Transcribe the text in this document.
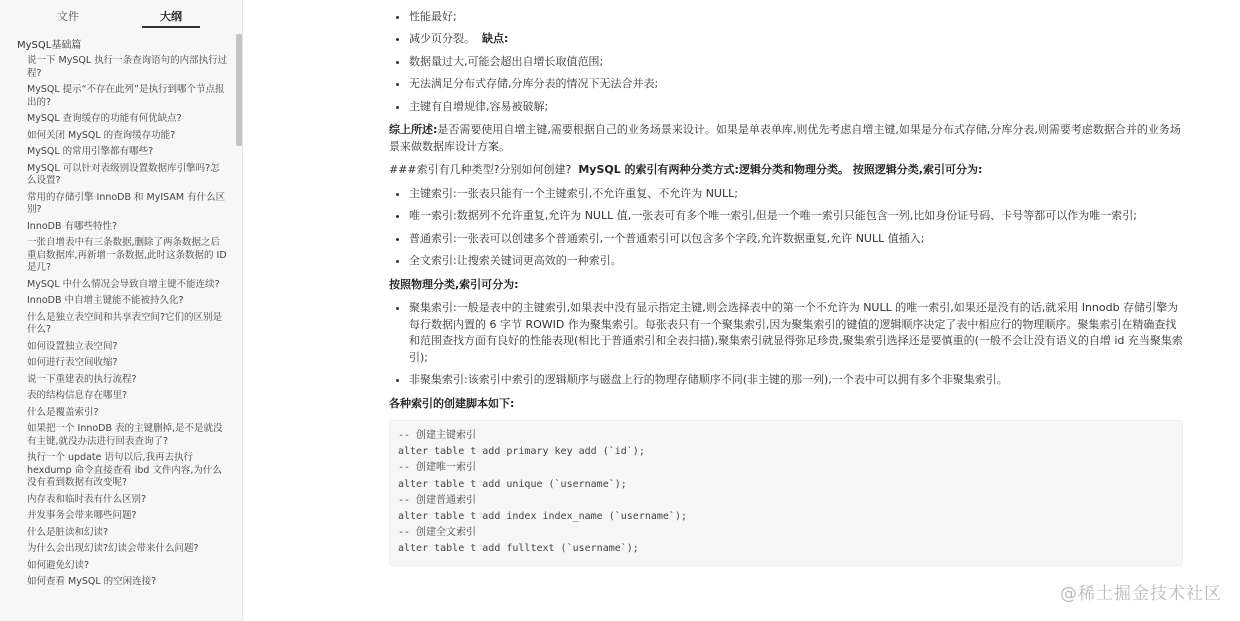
文件	大纲
MySQL基础篇
说一下 MySQL 执行一条查询语句的内部执行过程?
MySQL 提示“不存在此列”是执行到哪个节点报出的?
MySQL 查询缓存的功能有何优缺点?
如何关闭 MySQL 的查询缓存功能?
MySQL 的常用引擎都有哪些?
MySQL 可以针对表级别设置数据库引擎吗?怎么设置?
常用的存储引擎 InnoDB 和 MyISAM 有什么区别?
InnoDB 有哪些特性?
一张自增表中有三条数据,删除了两条数据之后重启数据库,再新增一条数据,此时这条数据的 ID 是几?
MySQL 中什么情况会导致自增主键不能连续?
InnoDB 中自增主键能不能被持久化?
什么是独立表空间和共享表空间?它们的区别是什么?
如何设置独立表空间?
如何进行表空间收缩?
说一下重建表的执行流程?
表的结构信息存在哪里?
什么是覆盖索引?
如果把一个 InnoDB 表的主键删掉,是不是就没有主键,就没办法进行回表查询了?
执行一个 update 语句以后,我再去执行 hexdump 命令直接查看 ibd 文件内容,为什么没有看到数据有改变呢?
内存表和临时表有什么区别?
并发事务会带来哪些问题?
什么是脏读和幻读?
为什么会出现幻读?幻读会带来什么问题?
如何避免幻读?
如何查看 MySQL 的空闲连接?
•
• 性能最好;
• 减少页分裂。 缺点:
• 数据量过大,可能会超出自增长取值范围;
• 无法满足分布式存储,分库分表的情况下无法合并表;
• 主键有自增规律,容易被破解;

综上所述:是否需要使用自增主键,需要根据自己的业务场景来设计。如果是单表单库,则优先考虑自增主键,如果是分布式存储,分库分表,则需要考虑数据合并的业务场景来做数据库设计方案。

###索引有几种类型?分别如何创建? MySQL 的索引有两种分类方式:逻辑分类和物理分类。 按照逻辑分类,索引可分为:

• 主键索引:一张表只能有一个主键索引,不允许重复、不允许为 NULL;
• 唯一索引:数据列不允许重复,允许为 NULL 值,一张表可有多个唯一索引,但是一个唯一索引只能包含一列,比如身份证号码、卡号等都可以作为唯一索引;
• 普通索引:一张表可以创建多个普通索引,一个普通索引可以包含多个字段,允许数据重复,允许 NULL 值插入;
• 全文索引:让搜索关键词更高效的一种索引。

按照物理分类,索引可分为:

• 聚集索引:一般是表中的主键索引,如果表中没有显示指定主键,则会选择表中的第一个不允许为 NULL 的唯一索引,如果还是没有的话,就采用 Innodb 存储引擎为每行数据内置的 6 字节 ROWID 作为聚集索引。每张表只有一个聚集索引,因为聚集索引的键值的逻辑顺序决定了表中相应行的物理顺序。聚集索引在精确查找和范围查找方面有良好的性能表现(相比于普通索引和全表扫描),聚集索引就显得弥足珍贵,聚集索引选择还是要慎重的(一般不会让没有语义的自增 id 充当聚集索引);
• 非聚集索引:该索引中索引的逻辑顺序与磁盘上行的物理存储顺序不同(非主键的那一列),一个表中可以拥有多个非聚集索引。

各种索引的创建脚本如下:

-- 创建主键索引
alter table t add primary key add (`id`);
-- 创建唯一索引
alter table t add unique (`username`);
-- 创建普通索引
alter table t add index index_name (`username`);
-- 创建全文索引
alter table t add fulltext (`username`);
@稀土掘金技术社区
